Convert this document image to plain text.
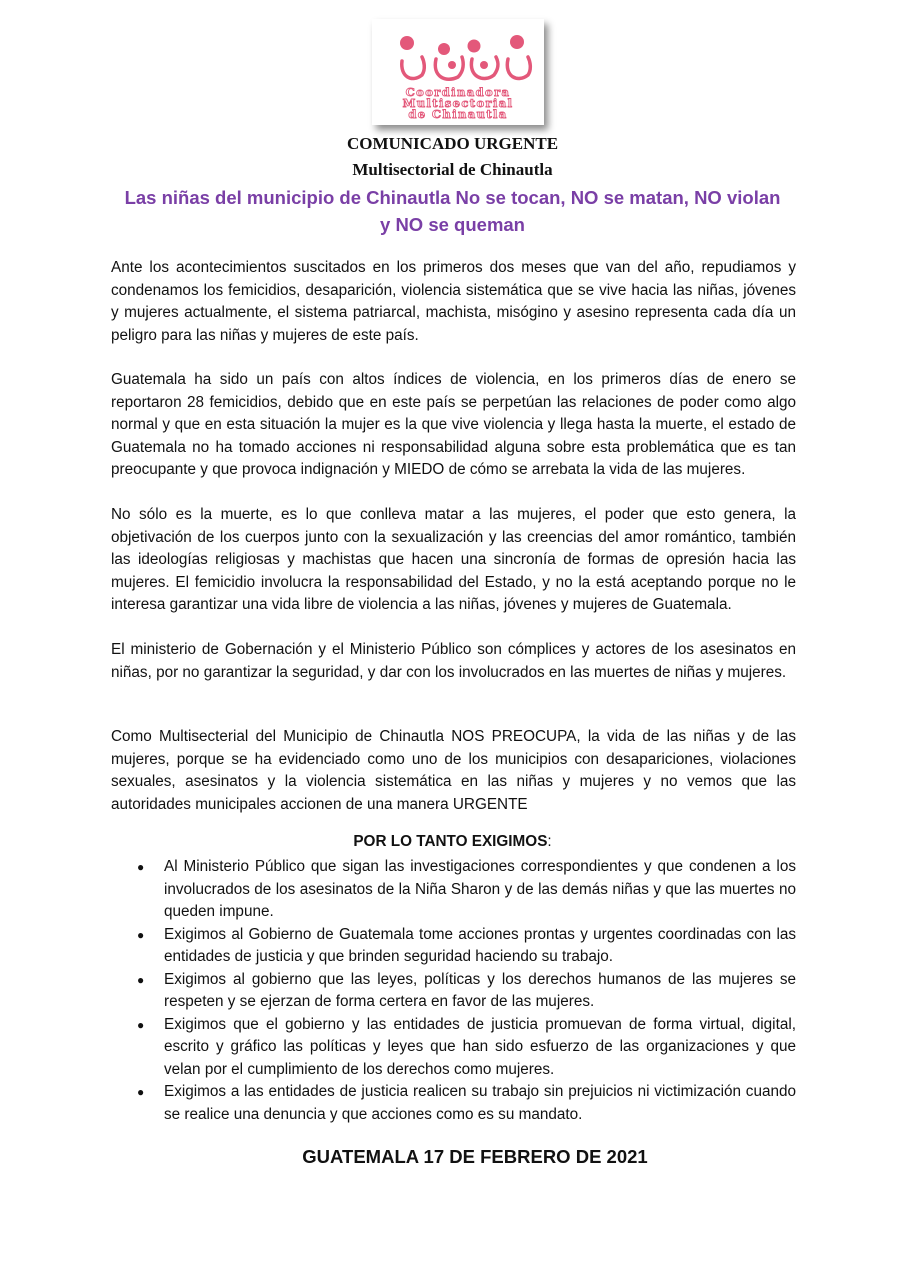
Coordinadora
Multisectorial
de Chinautla
COMUNICADO URGENTE
Multisectorial de Chinautla
Las niñas del municipio de Chinautla No se tocan, NO se matan, NO violan y NO se queman

Ante los acontecimientos suscitados en los primeros dos meses que van del año, repudiamos y condenamos los femicidios, desaparición, violencia sistemática que se vive hacia las niñas, jóvenes y mujeres actualmente, el sistema patriarcal, machista, misógino y asesino representa cada día un peligro para las niñas y mujeres de este país.

Guatemala ha sido un país con altos índices de violencia, en los primeros días de enero se reportaron 28 femicidios, debido que en este país se perpetúan las relaciones de poder como algo normal y que en esta situación la mujer es la que vive violencia y llega hasta la muerte, el estado de Guatemala no ha tomado acciones ni responsabilidad alguna sobre esta problemática que es tan preocupante y que provoca indignación y MIEDO de cómo se arrebata la vida de las mujeres.

No sólo es la muerte, es lo que conlleva matar a las mujeres, el poder que esto genera, la objetivación de los cuerpos junto con la sexualización y las creencias del amor romántico, también las ideologías religiosas y machistas que hacen una sincronía de formas de opresión hacia las mujeres. El femicidio involucra la responsabilidad del Estado, y no la está aceptando porque no le interesa garantizar una vida libre de violencia a las niñas, jóvenes y mujeres de Guatemala.

El ministerio de Gobernación y el Ministerio Público son cómplices y actores de los asesinatos en niñas, por no garantizar la seguridad, y dar con los involucrados en las muertes de niñas y mujeres.

Como Multisecterial del Municipio de Chinautla NOS PREOCUPA, la vida de las niñas y de las mujeres, porque se ha evidenciado como uno de los municipios con desapariciones, violaciones sexuales, asesinatos y la violencia sistemática en las niñas y mujeres y no vemos que las autoridades municipales accionen de una manera URGENTE

POR LO TANTO EXIGIMOS:
● Al Ministerio Público que sigan las investigaciones correspondientes y que condenen a los involucrados de los asesinatos de la Niña Sharon y de las demás niñas y que las muertes no queden impune.
● Exigimos al Gobierno de Guatemala tome acciones prontas y urgentes coordinadas con las entidades de justicia y que brinden seguridad haciendo su trabajo.
● Exigimos al gobierno que las leyes, políticas y los derechos humanos de las mujeres se respeten y se ejerzan de forma certera en favor de las mujeres.
● Exigimos que el gobierno y las entidades de justicia promuevan de forma virtual, digital, escrito y gráfico las políticas y leyes que han sido esfuerzo de las organizaciones y que velan por el cumplimiento de los derechos como mujeres.
● Exigimos a las entidades de justicia realicen su trabajo sin prejuicios ni victimización cuando se realice una denuncia y que acciones como es su mandato.
GUATEMALA 17 DE FEBRERO DE 2021
